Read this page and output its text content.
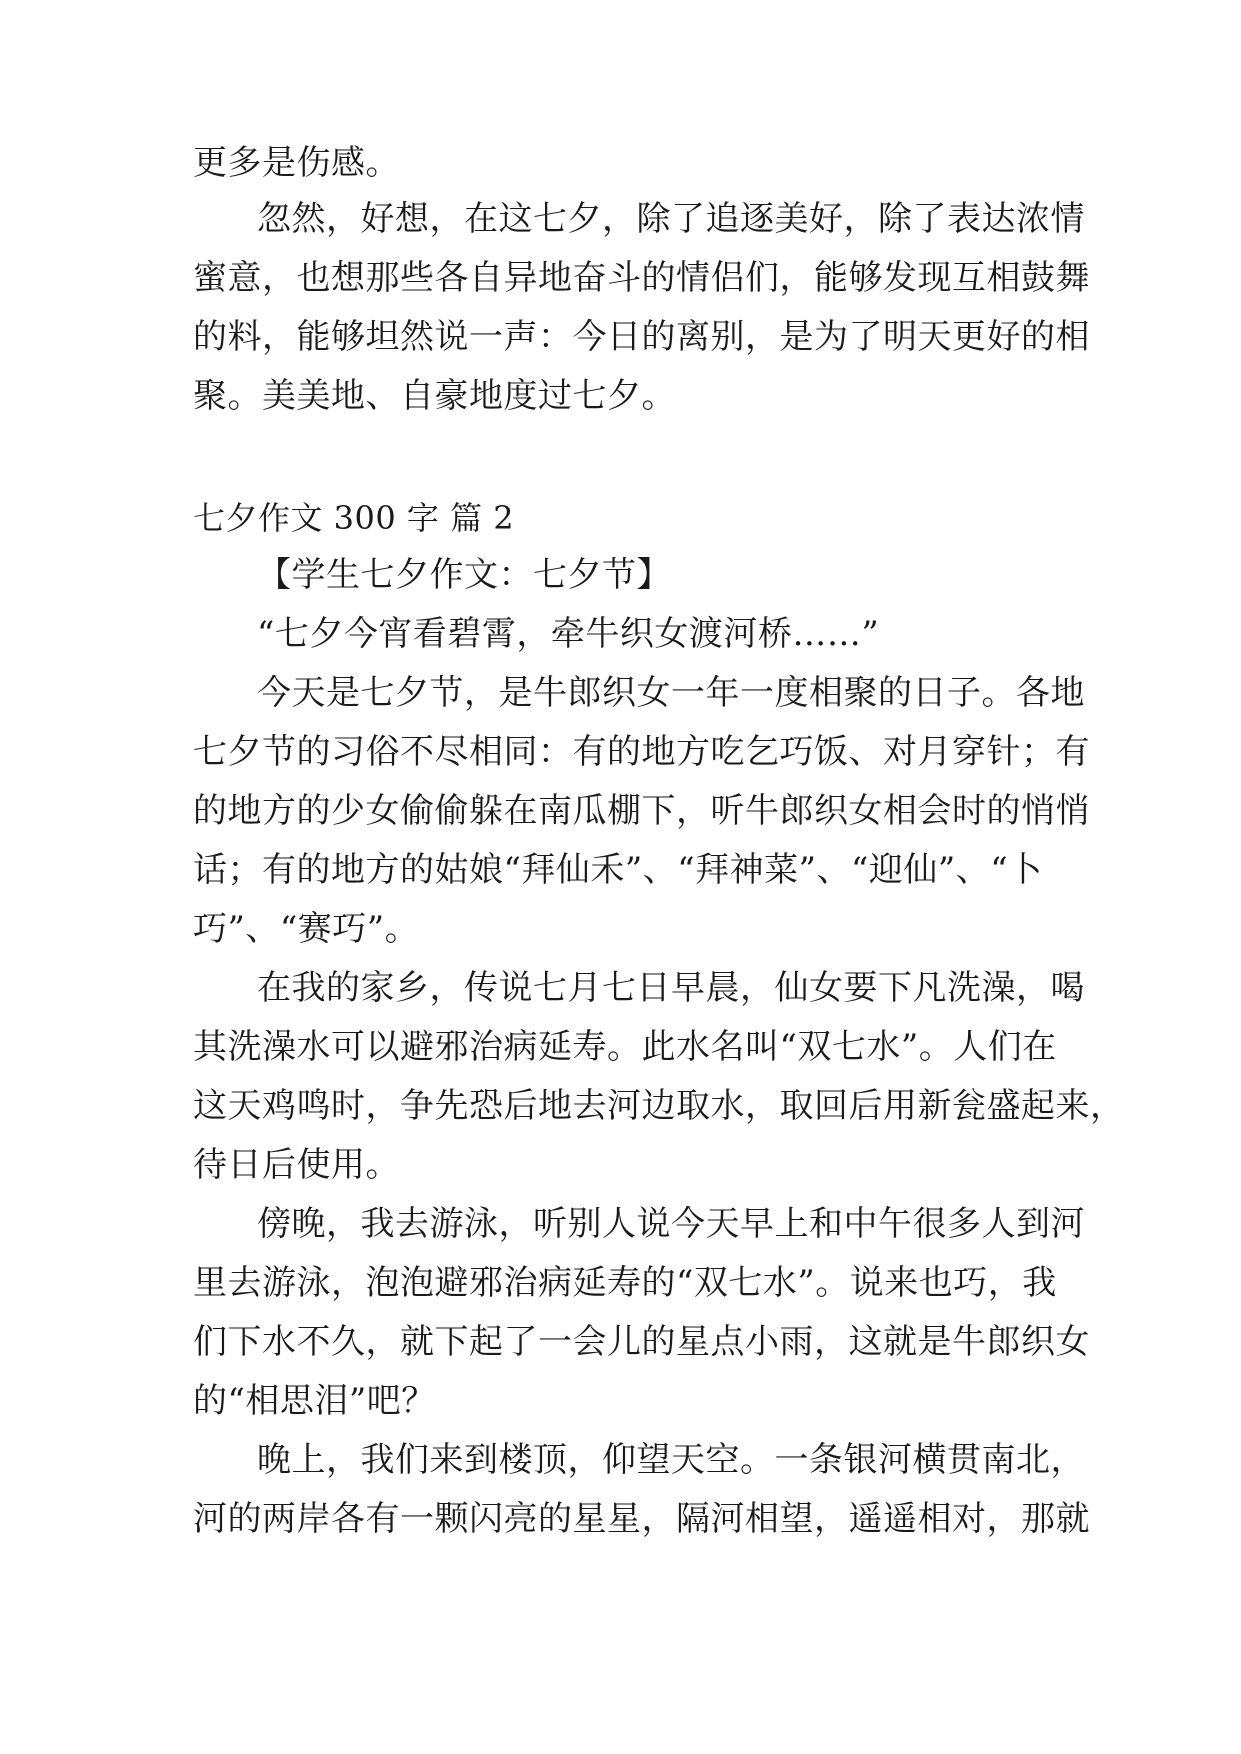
更多是伤感。
忽然，好想，在这七夕，除了追逐美好，除了表达浓情
蜜意，也想那些各自异地奋斗的情侣们，能够发现互相鼓舞
的料，能够坦然说一声：今日的离别，是为了明天更好的相
聚。美美地、自豪地度过七夕。
七夕作文 300 字 篇 2
【学生七夕作文：七夕节】
“七夕今宵看碧霄，牵牛织女渡河桥……”
今天是七夕节，是牛郎织女一年一度相聚的日子。各地
七夕节的习俗不尽相同：有的地方吃乞巧饭、对月穿针；有
的地方的少女偷偷躲在南瓜棚下，听牛郎织女相会时的悄悄
话；有的地方的姑娘“拜仙禾”、“拜神菜”、“迎仙”、“卜
巧”、“赛巧”。
在我的家乡，传说七月七日早晨，仙女要下凡洗澡，喝
其洗澡水可以避邪治病延寿。此水名叫“双七水”。人们在
这天鸡鸣时，争先恐后地去河边取水，取回后用新瓮盛起来，
待日后使用。
傍晚，我去游泳，听别人说今天早上和中午很多人到河
里去游泳，泡泡避邪治病延寿的“双七水”。说来也巧，我
们下水不久，就下起了一会儿的星点小雨，这就是牛郎织女
的“相思泪”吧？
晚上，我们来到楼顶，仰望天空。一条银河横贯南北，
河的两岸各有一颗闪亮的星星，隔河相望，遥遥相对，那就
